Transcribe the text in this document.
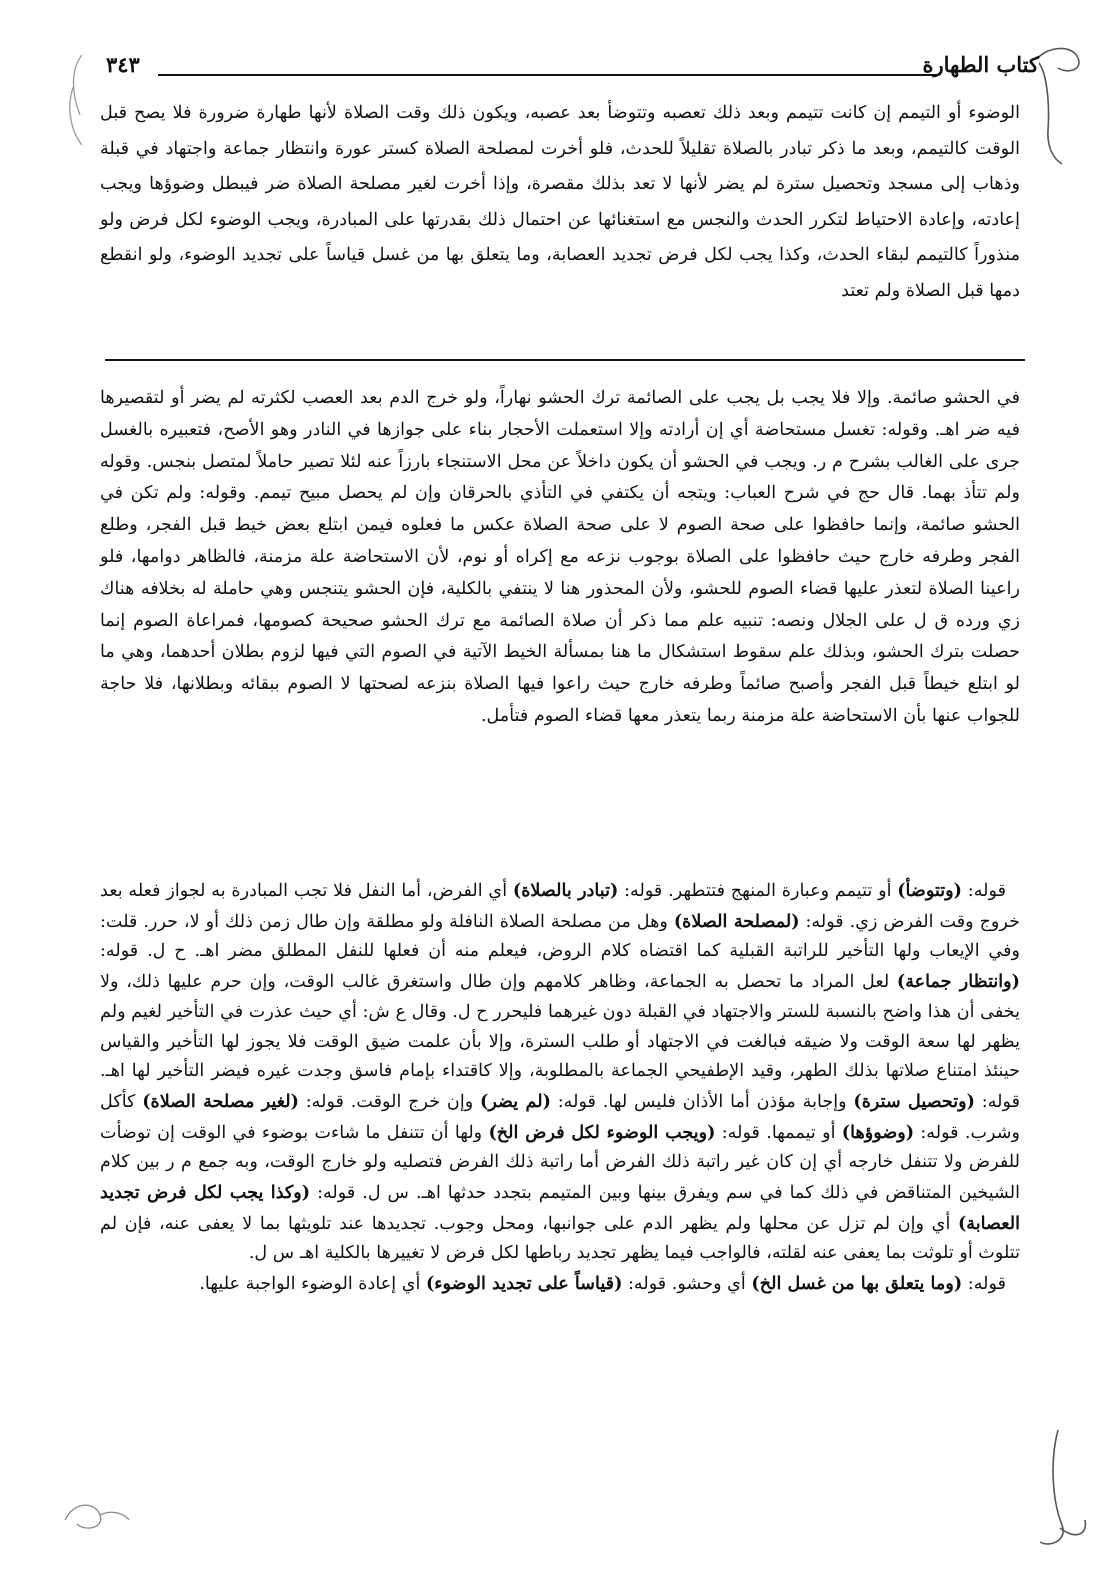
كتاب الطهارة
٣٤٣

الوضوء أو التيمم إن كانت تتيمم وبعد ذلك تعصبه وتتوضأ بعد عصبه، ويكون ذلك وقت الصلاة لأنها طهارة ضرورة فلا يصح قبل الوقت كالتيمم، وبعد ما ذكر تبادر بالصلاة تقليلاً للحدث، فلو أخرت لمصلحة الصلاة كستر عورة وانتظار جماعة واجتهاد في قبلة وذهاب إلى مسجد وتحصيل سترة لم يضر لأنها لا تعد بذلك مقصرة، وإذا أخرت لغير مصلحة الصلاة ضر فيبطل وضوؤها ويجب إعادته، وإعادة الاحتياط لتكرر الحدث والنجس مع استغنائها عن احتمال ذلك بقدرتها على المبادرة، ويجب الوضوء لكل فرض ولو منذوراً كالتيمم لبقاء الحدث، وكذا يجب لكل فرض تجديد العصابة، وما يتعلق بها من غسل قياساً على تجديد الوضوء، ولو انقطع دمها قبل الصلاة ولم تعتد

في الحشو صائمة. وإلا فلا يجب بل يجب على الصائمة ترك الحشو نهاراً، ولو خرج الدم بعد العصب لكثرته لم يضر أو لتقصيرها فيه ضر اهـ. وقوله: تغسل مستحاضة أي إن أرادته وإلا استعملت الأحجار بناء على جوازها في النادر وهو الأصح، فتعبيره بالغسل جرى على الغالب بشرح م ر. ويجب في الحشو أن يكون داخلاً عن محل الاستنجاء بارزاً عنه لئلا تصير حاملاً لمتصل بنجس. وقوله ولم تتأذ بهما. قال حج في شرح العباب: ويتجه أن يكتفي في التأذي بالحرقان وإن لم يحصل مبيح تيمم. وقوله: ولم تكن في الحشو صائمة، وإنما حافظوا على صحة الصوم لا على صحة الصلاة عكس ما فعلوه فيمن ابتلع بعض خيط قبل الفجر، وطلع الفجر وطرفه خارج حيث حافظوا على الصلاة بوجوب نزعه مع إكراه أو نوم، لأن الاستحاضة علة مزمنة، فالظاهر دوامها، فلو راعينا الصلاة لتعذر عليها قضاء الصوم للحشو، ولأن المحذور هنا لا ينتفي بالكلية، فإن الحشو يتنجس وهي حاملة له بخلافه هناك زي ورده ق ل على الجلال ونصه: تنبيه علم مما ذكر أن صلاة الصائمة مع ترك الحشو صحيحة كصومها، فمراعاة الصوم إنما حصلت بترك الحشو، وبذلك علم سقوط استشكال ما هنا بمسألة الخيط الآتية في الصوم التي فيها لزوم بطلان أحدهما، وهي ما لو ابتلع خيطاً قبل الفجر وأصبح صائماً وطرفه خارج حيث راعوا فيها الصلاة بنزعه لصحتها لا الصوم ببقائه وبطلانها، فلا حاجة للجواب عنها بأن الاستحاضة علة مزمنة ربما يتعذر معها قضاء الصوم فتأمل.

قوله: (وتتوضأ) أو تتيمم وعبارة المنهج فتتطهر. قوله: (تبادر بالصلاة) أي الفرض، أما النفل فلا تجب المبادرة به لجواز فعله بعد خروج وقت الفرض زي. قوله: (لمصلحة الصلاة) وهل من مصلحة الصلاة النافلة ولو مطلقة وإن طال زمن ذلك أو لا، حرر. قلت: وفي الإيعاب ولها التأخير للراتبة القبلية كما اقتضاه كلام الروض، فيعلم منه أن فعلها للنفل المطلق مضر اهـ. ح ل. قوله: (وانتظار جماعة) لعل المراد ما تحصل به الجماعة، وظاهر كلامهم وإن طال واستغرق غالب الوقت، وإن حرم عليها ذلك، ولا يخفى أن هذا واضح بالنسبة للستر والاجتهاد في القبلة دون غيرهما فليحرر ح ل. وقال ع ش: أي حيث عذرت في التأخير لغيم ولم يظهر لها سعة الوقت ولا ضيقه فبالغت في الاجتهاد أو طلب السترة، وإلا بأن علمت ضيق الوقت فلا يجوز لها التأخير والقياس حينئذ امتناع صلاتها بذلك الطهر، وقيد الإطفيحي الجماعة بالمطلوبة، وإلا كاقتداء بإمام فاسق وجدت غيره فيضر التأخير لها اهـ. قوله: (وتحصيل سترة) وإجابة مؤذن أما الأذان فليس لها. قوله: (لم يضر) وإن خرج الوقت. قوله: (لغير مصلحة الصلاة) كأكل وشرب. قوله: (وضوؤها) أو تيممها. قوله: (ويجب الوضوء لكل فرض الخ) ولها أن تتنفل ما شاءت بوضوء في الوقت إن توضأت للفرض ولا تتنفل خارجه أي إن كان غير راتبة ذلك الفرض أما راتبة ذلك الفرض فتصليه ولو خارج الوقت، وبه جمع م ر بين كلام الشيخين المتناقض في ذلك كما في سم ويفرق بينها وبين المتيمم بتجدد حدثها اهـ. س ل. قوله: (وكذا يجب لكل فرض تجديد العصابة) أي وإن لم تزل عن محلها ولم يظهر الدم على جوانبها، ومحل وجوب. تجديدها عند تلويثها بما لا يعفى عنه، فإن لم تتلوث أو تلوثت بما يعفى عنه لقلته، فالواجب فيما يظهر تجديد رباطها لكل فرض لا تغييرها بالكلية اهـ س ل.

قوله: (وما يتعلق بها من غسل الخ) أي وحشو. قوله: (قياساً على تجديد الوضوء) أي إعادة الوضوء الواجبة عليها.
